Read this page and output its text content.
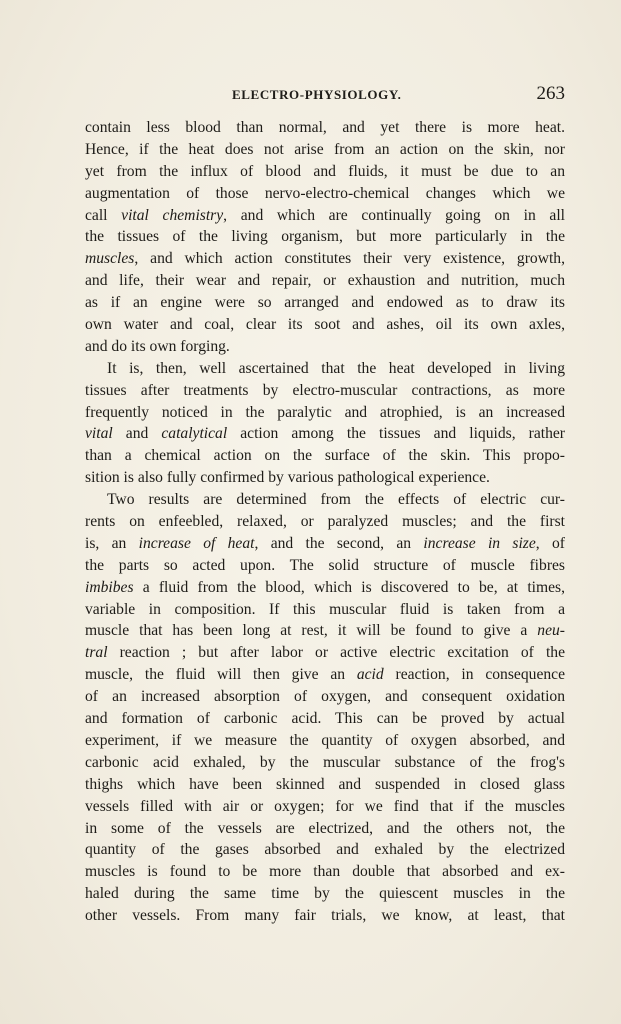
ELECTRO-PHYSIOLOGY.	263
contain less blood than normal, and yet there is more heat.
Hence, if the heat does not arise from an action on the skin, nor
yet from the influx of blood and fluids, it must be due to an
augmentation of those nervo-electro-chemical changes which we
call vital chemistry, and which are continually going on in all
the tissues of the living organism, but more particularly in the
muscles, and which action constitutes their very existence, growth,
and life, their wear and repair, or exhaustion and nutrition, much
as if an engine were so arranged and endowed as to draw its
own water and coal, clear its soot and ashes, oil its own axles,
and do its own forging.
It is, then, well ascertained that the heat developed in living
tissues after treatments by electro-muscular contractions, as more
frequently noticed in the paralytic and atrophied, is an increased
vital and catalytical action among the tissues and liquids, rather
than a chemical action on the surface of the skin. This propo-
sition is also fully confirmed by various pathological experience.
Two results are determined from the effects of electric cur-
rents on enfeebled, relaxed, or paralyzed muscles; and the first
is, an increase of heat, and the second, an increase in size, of
the parts so acted upon. The solid structure of muscle fibres
imbibes a fluid from the blood, which is discovered to be, at times,
variable in composition. If this muscular fluid is taken from a
muscle that has been long at rest, it will be found to give a neu-
tral reaction ; but after labor or active electric excitation of the
muscle, the fluid will then give an acid reaction, in consequence
of an increased absorption of oxygen, and consequent oxidation
and formation of carbonic acid. This can be proved by actual
experiment, if we measure the quantity of oxygen absorbed, and
carbonic acid exhaled, by the muscular substance of the frog's
thighs which have been skinned and suspended in closed glass
vessels filled with air or oxygen; for we find that if the muscles
in some of the vessels are electrized, and the others not, the
quantity of the gases absorbed and exhaled by the electrized
muscles is found to be more than double that absorbed and ex-
haled during the same time by the quiescent muscles in the
other vessels. From many fair trials, we know, at least, that
